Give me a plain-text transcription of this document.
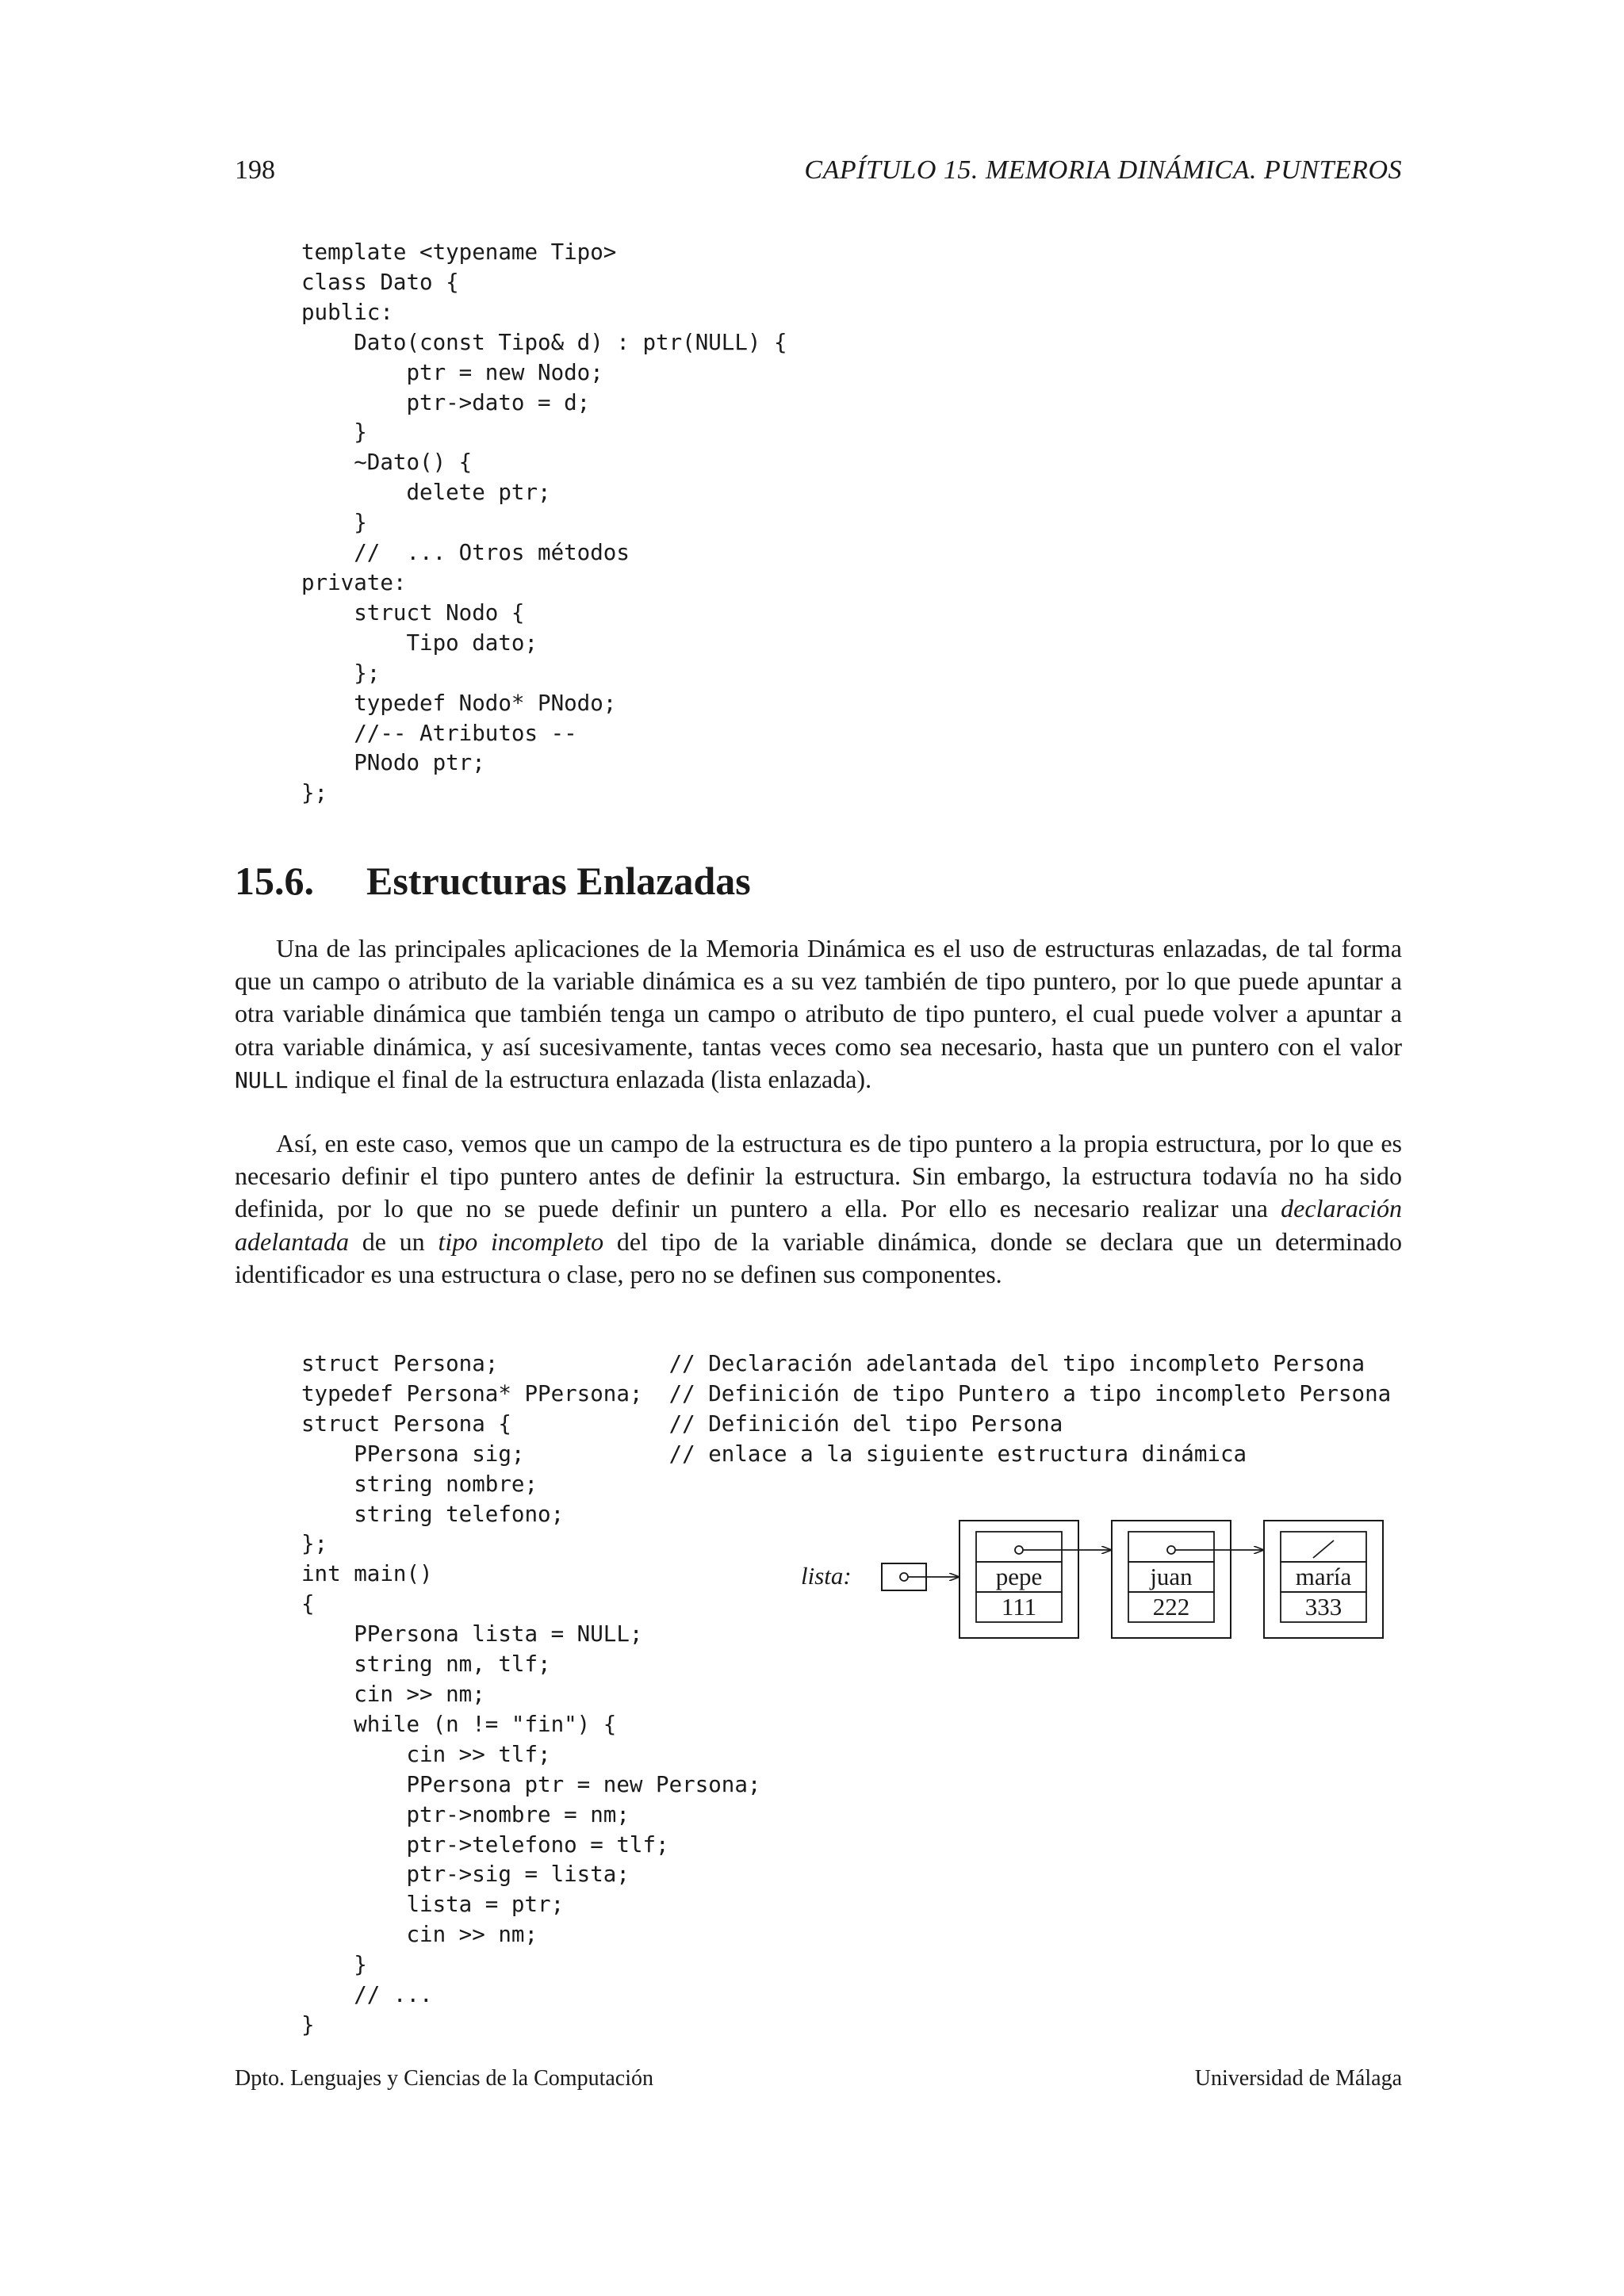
198	CAPÍTULO 15. MEMORIA DINÁMICA. PUNTEROS
template <typename Tipo>
class Dato {
public:
Dato(const Tipo& d) : ptr(NULL) {
ptr = new Nodo;
ptr->dato = d;
}
~Dato() {
delete ptr;
}
//  ... Otros métodos
private:
struct Nodo {
Tipo dato;
};
typedef Nodo* PNodo;
//-- Atributos --
PNodo ptr;
};

15.6. Estructuras Enlazadas

Una de las principales aplicaciones de la Memoria Dinámica es el uso de estructuras enlazadas, de tal forma que un campo o atributo de la variable dinámica es a su vez también de tipo puntero, por lo que puede apuntar a otra variable dinámica que también tenga un campo o atributo de tipo puntero, el cual puede volver a apuntar a otra variable dinámica, y así sucesivamente, tantas veces como sea necesario, hasta que un puntero con el valor NULL indique el final de la estructura enlazada (lista enlazada).

Así, en este caso, vemos que un campo de la estructura es de tipo puntero a la propia estructura, por lo que es necesario definir el tipo puntero antes de definir la estructura. Sin embargo, la estructura todavía no ha sido definida, por lo que no se puede definir un puntero a ella. Por ello es necesario realizar una declaración adelantada de un tipo incompleto del tipo de la variable dinámica, donde se declara que un determinado identificador es una estructura o clase, pero no se definen sus componentes.

struct Persona;             // Declaración adelantada del tipo incompleto Persona
typedef Persona* PPersona;  // Definición de tipo Puntero a tipo incompleto Persona
struct Persona {            // Definición del tipo Persona
PPersona sig;           // enlace a la siguiente estructura dinámica
string nombre;
string telefono;
};
int main()
{
PPersona lista = NULL;
string nm, tlf;
cin >> nm;
while (n != "fin") {
cin >> tlf;
PPersona ptr = new Persona;
ptr->nombre = nm;
ptr->telefono = tlf;
ptr->sig = lista;
lista = ptr;
cin >> nm;
}
// ...
}

lista:	pepe
111
juan
222
maría
333
Dpto. Lenguajes y Ciencias de la Computación	Universidad de Málaga
